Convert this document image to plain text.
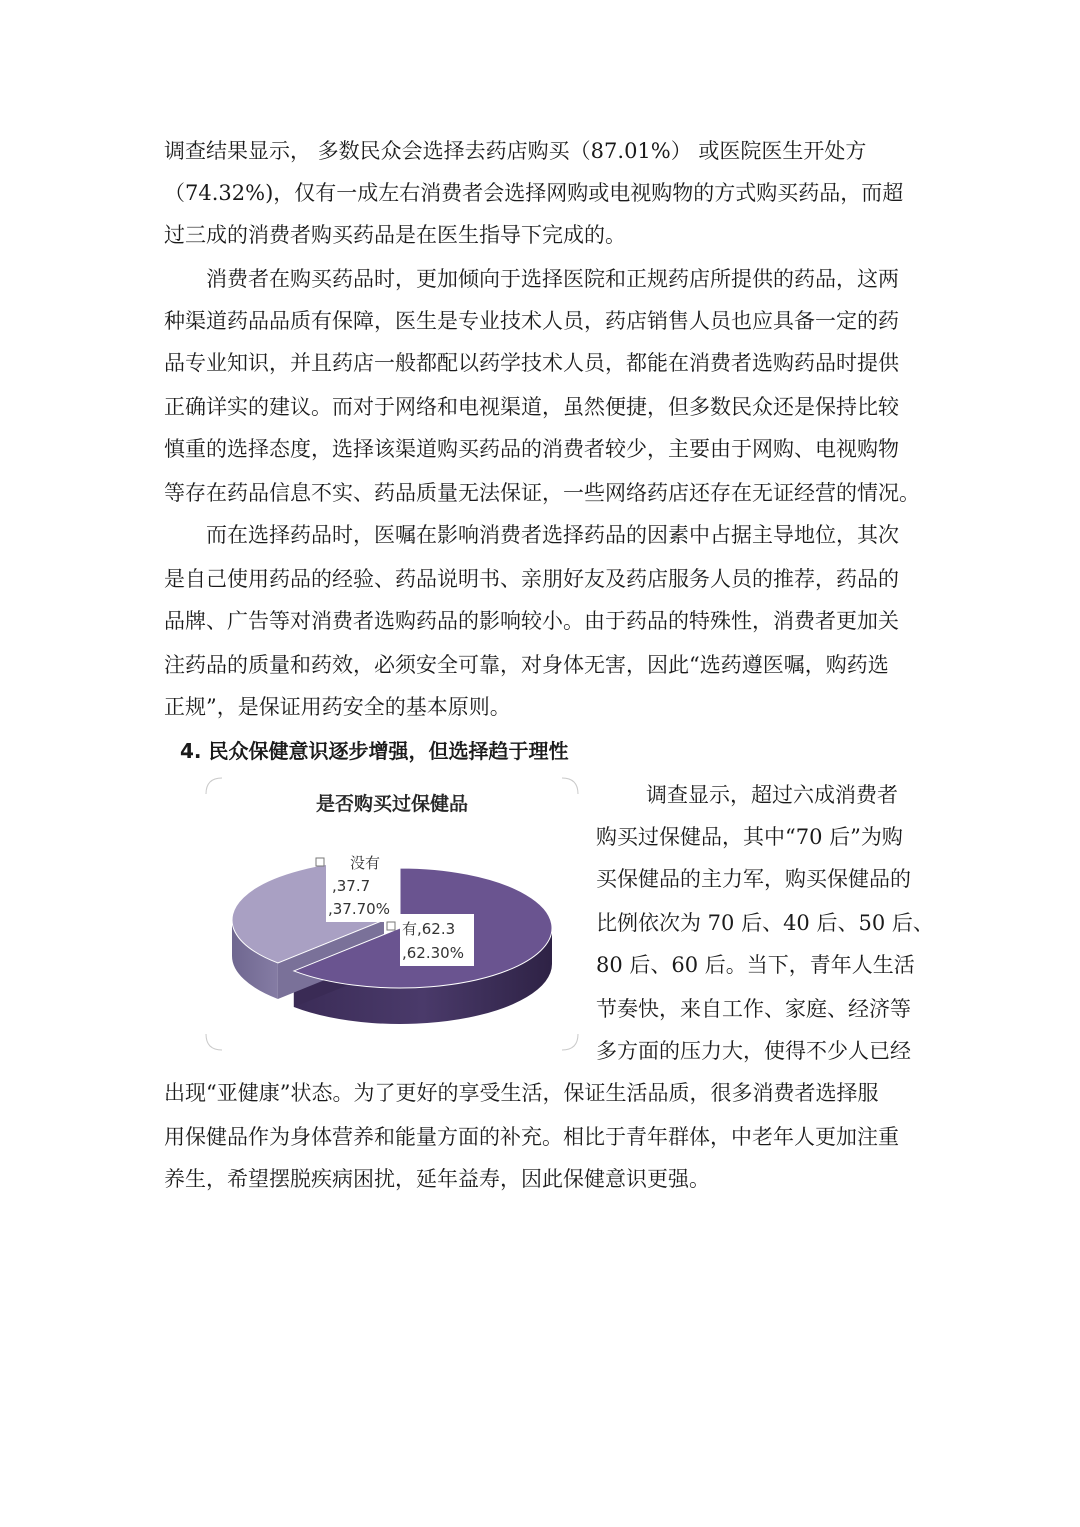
调查结果显示， 多数民众会选择去药店购买（87.01%） 或医院医生开处方
（74.32%)，仅有一成左右消费者会选择网购或电视购物的方式购买药品，而超
过三成的消费者购买药品是在医生指导下完成的。
消费者在购买药品时，更加倾向于选择医院和正规药店所提供的药品，这两
种渠道药品品质有保障，医生是专业技术人员，药店销售人员也应具备一定的药
品专业知识，并且药店一般都配以药学技术人员，都能在消费者选购药品时提供
正确详实的建议。而对于网络和电视渠道，虽然便捷，但多数民众还是保持比较
慎重的选择态度，选择该渠道购买药品的消费者较少，主要由于网购、电视购物
等存在药品信息不实、药品质量无法保证，一些网络药店还存在无证经营的情况。
而在选择药品时，医嘱在影响消费者选择药品的因素中占据主导地位，其次
是自己使用药品的经验、药品说明书、亲朋好友及药店服务人员的推荐，药品的
品牌、广告等对消费者选购药品的影响较小。由于药品的特殊性，消费者更加关
注药品的质量和药效，必须安全可靠，对身体无害，因此“选药遵医嘱，购药选
正规”，是保证用药安全的基本原则。
4. 民众保健意识逐步增强，但选择趋于理性
是否购买过保健品
没有
,37.7
,37.70%
有,62.3
,62.30%
调查显示，超过六成消费者
购买过保健品，其中“70 后”为购
买保健品的主力军，购买保健品的
比例依次为 70 后、40 后、50 后、
80 后、60 后。当下，青年人生活
节奏快，来自工作、家庭、经济等
多方面的压力大，使得不少人已经
出现“亚健康”状态。为了更好的享受生活，保证生活品质，很多消费者选择服
用保健品作为身体营养和能量方面的补充。相比于青年群体，中老年人更加注重
养生，希望摆脱疾病困扰，延年益寿，因此保健意识更强。
